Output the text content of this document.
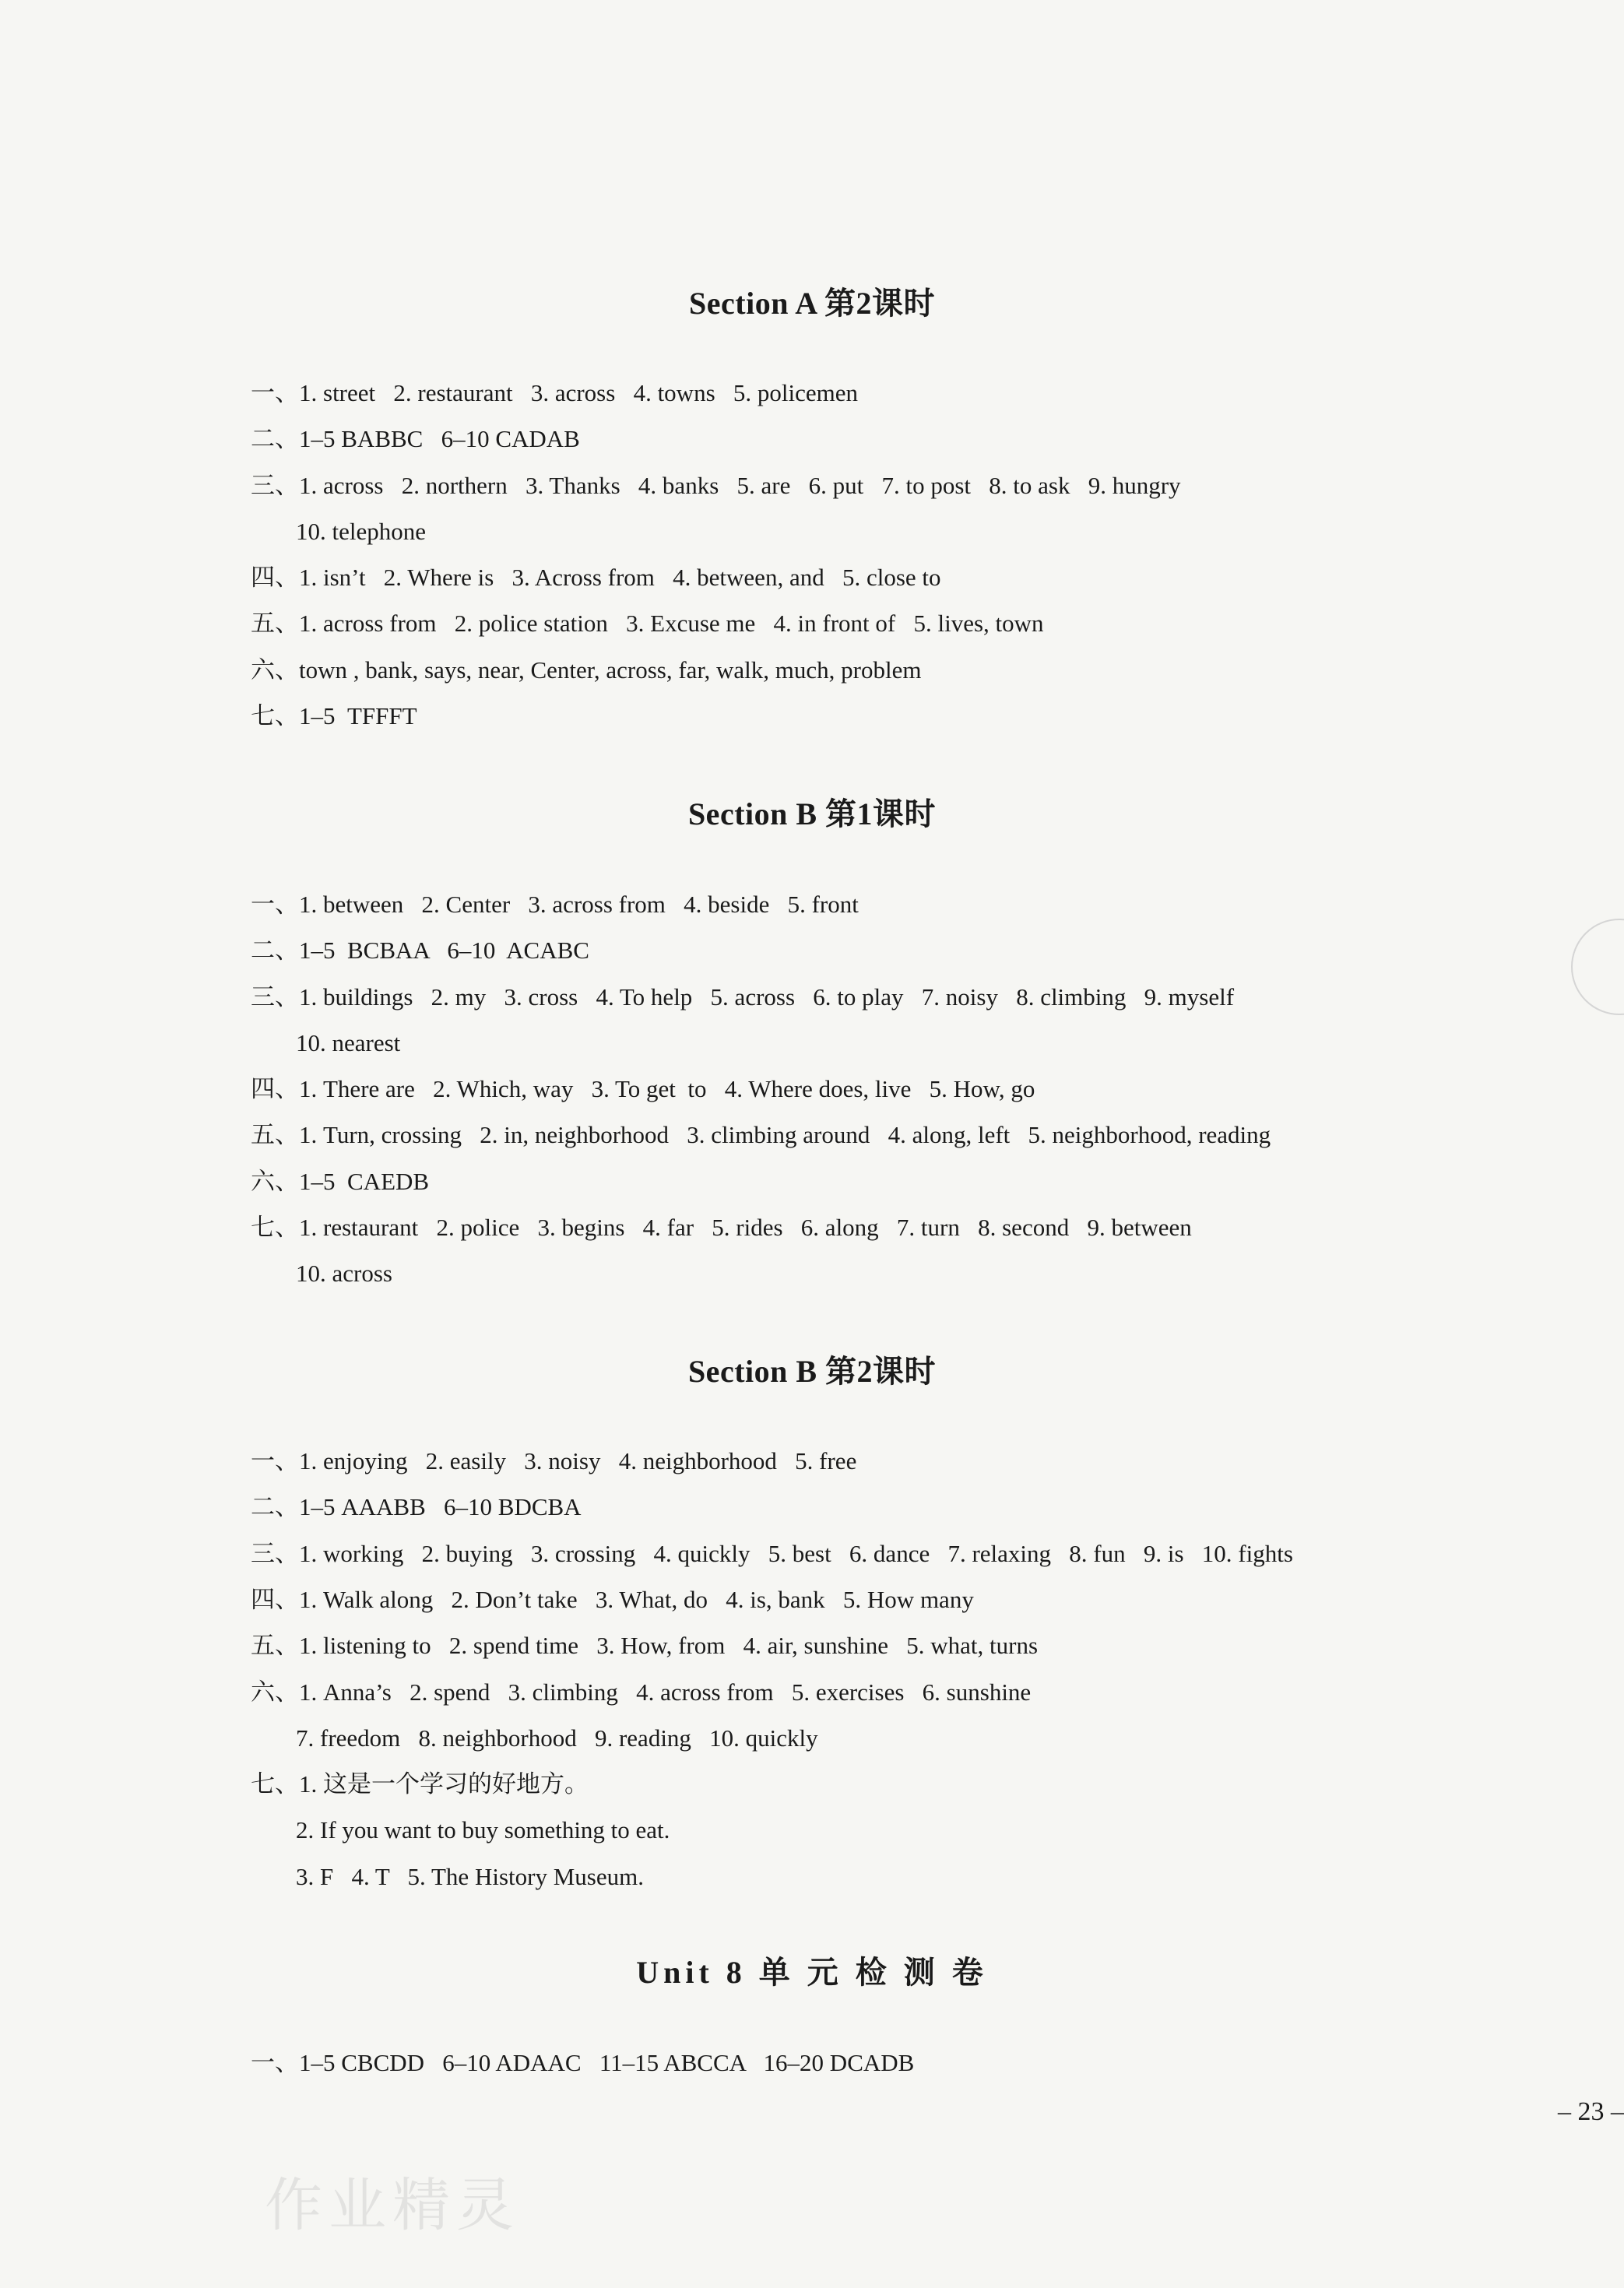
Section A 第2课时
一、1. street   2. restaurant   3. across   4. towns   5. policemen
二、1–5 BABBC   6–10 CADAB
三、1. across   2. northern   3. Thanks   4. banks   5. are   6. put   7. to post   8. to ask   9. hungry
10. telephone
四、1. isn’t   2. Where is   3. Across from   4. between, and   5. close to
五、1. across from   2. police station   3. Excuse me   4. in front of   5. lives, town
六、town , bank, says, near, Center, across, far, walk, much, problem
七、1–5  TFFFT
Section B 第1课时
一、1. between   2. Center   3. across from   4. beside   5. front
二、1–5  BCBAA   6–10  ACABC
三、1. buildings   2. my   3. cross   4. To help   5. across   6. to play   7. noisy   8. climbing   9. myself
10. nearest
四、1. There are   2. Which, way   3. To get  to   4. Where does, live   5. How, go
五、1. Turn, crossing   2. in, neighborhood   3. climbing around   4. along, left   5. neighborhood, reading
六、1–5  CAEDB
七、1. restaurant   2. police   3. begins   4. far   5. rides   6. along   7. turn   8. second   9. between
10. across
Section B 第2课时
一、1. enjoying   2. easily   3. noisy   4. neighborhood   5. free
二、1–5 AAABB   6–10 BDCBA
三、1. working   2. buying   3. crossing   4. quickly   5. best   6. dance   7. relaxing   8. fun   9. is   10. fights
四、1. Walk along   2. Don’t take   3. What, do   4. is, bank   5. How many
五、1. listening to   2. spend time   3. How, from   4. air, sunshine   5. what, turns
六、1. Anna’s   2. spend   3. climbing   4. across from   5. exercises   6. sunshine
7. freedom   8. neighborhood   9. reading   10. quickly
七、1. 这是一个学习的好地方。
2. If you want to buy something to eat.
3. F   4. T   5. The History Museum.
Unit 8 单 元 检 测 卷
一、1–5 CBCDD   6–10 ADAAC   11–15 ABCCA   16–20 DCADB
– 23 –
作业精灵
